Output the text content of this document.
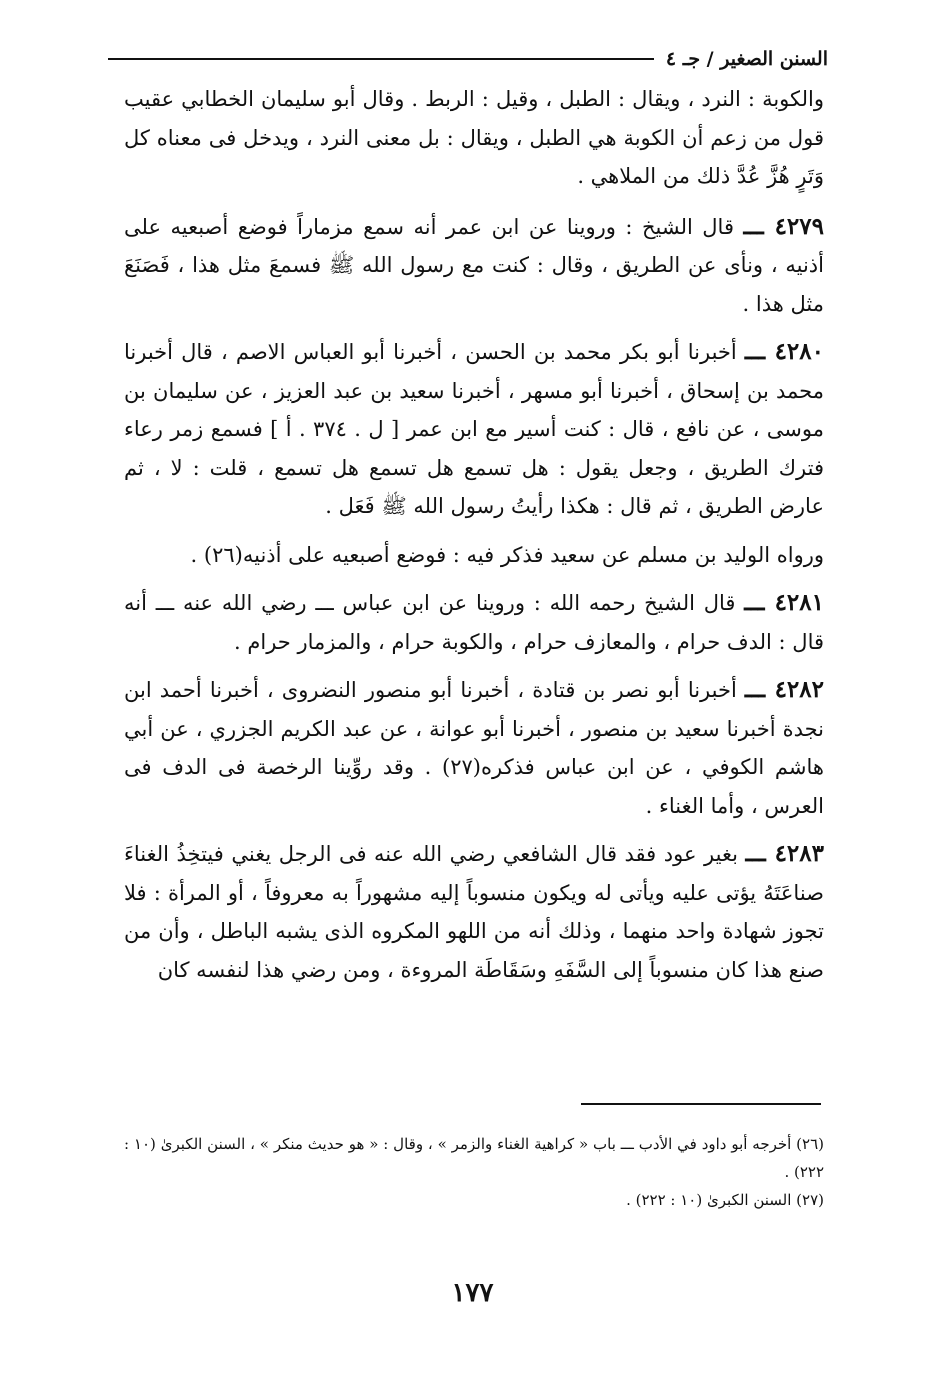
السنن الصغير / جـ ٤

والكوبة : النرد ، ويقال : الطبل ، وقيل : الربط . وقال أبو سليمان الخطابي عقيب قول من زعم أن الكوبة هي الطبل ، ويقال : بل معنى النرد ، ويدخل فى معناه كل وَتَرٍ هُزَّ عُدَّ ذلك من الملاهي .

٤٢٧٩ ـــ قال الشيخ : وروينا عن ابن عمر أنه سمع مزماراً فوضع أصبعيه على أذنيه ، ونأى عن الطريق ، وقال : كنت مع رسول الله ﷺ فسمعَ مثل هذا ، فَصَنَعَ مثل هذا .

٤٢٨٠ ـــ أخبرنا أبو بكر محمد بن الحسن ، أخبرنا أبو العباس الاصم ، قال أخبرنا محمد بن إسحاق ، أخبرنا أبو مسهر ، أخبرنا سعيد بن عبد العزيز ، عن سليمان بن موسى ، عن نافع ، قال : كنت أسير مع ابن عمر [ ل . ٣٧٤ . أ ] فسمع زمر رعاء فترك الطريق ، وجعل يقول : هل تسمع هل تسمع هل تسمع ، قلت : لا ، ثم عارض الطريق ، ثم قال : هكذا رأيتُ رسول الله ﷺ فَعَل .

ورواه الوليد بن مسلم عن سعيد فذكر فيه : فوضع أصبعيه على أذنيه(٢٦) .

٤٢٨١ ـــ قال الشيخ رحمه الله : وروينا عن ابن عباس ـــ رضي الله عنه ـــ أنه قال : الدف حرام ، والمعازف حرام ، والكوبة حرام ، والمزمار حرام .

٤٢٨٢ ـــ أخبرنا أبو نصر بن قتادة ، أخبرنا أبو منصور النضروى ، أخبرنا أحمد ابن نجدة أخبرنا سعيد بن منصور ، أخبرنا أبو عوانة ، عن عبد الكريم الجزري ، عن أبي هاشم الكوفي ، عن ابن عباس فذكره(٢٧) . وقد روِّينا الرخصة فى الدف فى العرس ، وأما الغناء .

٤٢٨٣ ـــ بغير عود فقد قال الشافعي رضي الله عنه فى الرجل يغني فيتخِذُ الغناءَ صناعَتَهُ يؤتى عليه ويأتى له ويكون منسوباً إليه مشهوراً به معروفاً ، أو المرأة : فلا تجوز شهادة واحد منهما ، وذلك أنه من اللهو المكروه الذى يشبه الباطل ، وأن من صنع هذا كان منسوباً إلى السَّفَهِ وسَقَاطَة المروءة ، ومن رضي هذا لنفسه كان

(٢٦) أخرجه أبو داود في الأدب ـــ باب « كراهية الغناء والزمر » ، وقال : « هو حديث منكر » ، السنن الكبرىٰ (١٠ : ٢٢٢) .

(٢٧) السنن الكبرىٰ (١٠ : ٢٢٢) .

١٧٧
